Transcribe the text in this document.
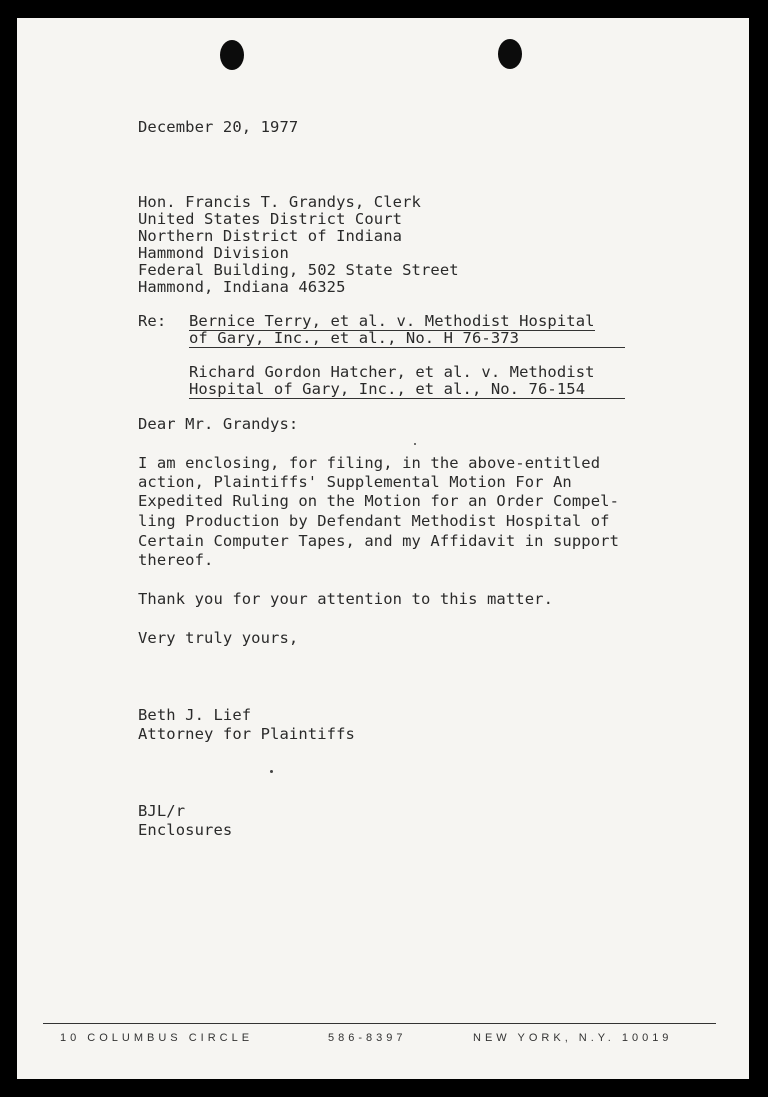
December 20, 1977
Hon. Francis T. Grandys, Clerk
United States District Court
Northern District of Indiana
Hammond Division
Federal Building, 502 State Street
Hammond, Indiana 46325
Re: Bernice Terry, et al. v. Methodist Hospital
of Gary, Inc., et al., No. H 76-373
Richard Gordon Hatcher, et al. v. Methodist
Hospital of Gary, Inc., et al., No. 76-154
Dear Mr. Grandys:
I am enclosing, for filing, in the above-entitled
action, Plaintiffs' Supplemental Motion For An
Expedited Ruling on the Motion for an Order Compel-
ling Production by Defendant Methodist Hospital of
Certain Computer Tapes, and my Affidavit in support
thereof.
Thank you for your attention to this matter.
Very truly yours,
Beth J. Lief
Attorney for Plaintiffs
BJL/r
Enclosures
10 COLUMBUS CIRCLE	586-8397	NEW YORK, N.Y. 10019
